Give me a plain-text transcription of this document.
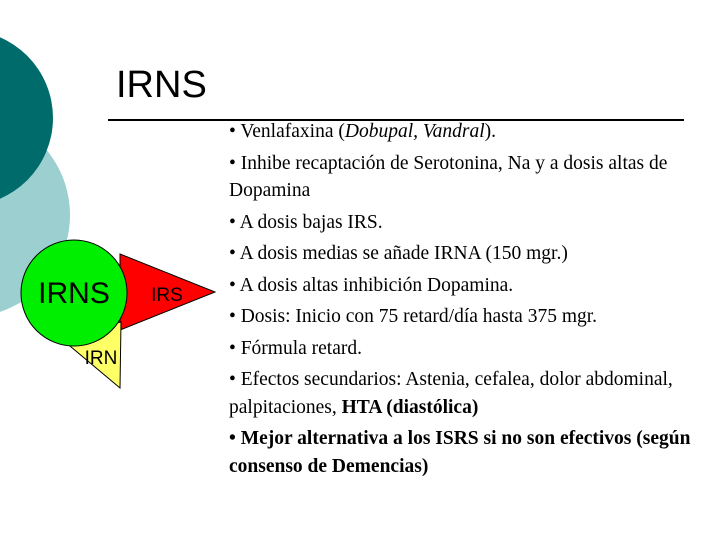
IRNS
IRNS IRS
IRN
• Venlafaxina (Dobupal, Vandral).
• Inhibe recaptación de Serotonina, Na y a dosis altas de Dopamina
• A dosis bajas IRS.
• A dosis medias se añade IRNA (150 mgr.)
• A dosis altas inhibición Dopamina.
• Dosis: Inicio con 75 retard/día hasta 375 mgr.
• Fórmula retard.
• Efectos secundarios: Astenia, cefalea, dolor abdominal, palpitaciones, HTA (diastólica)
• Mejor alternativa a los ISRS si no son efectivos (según consenso de Demencias)
